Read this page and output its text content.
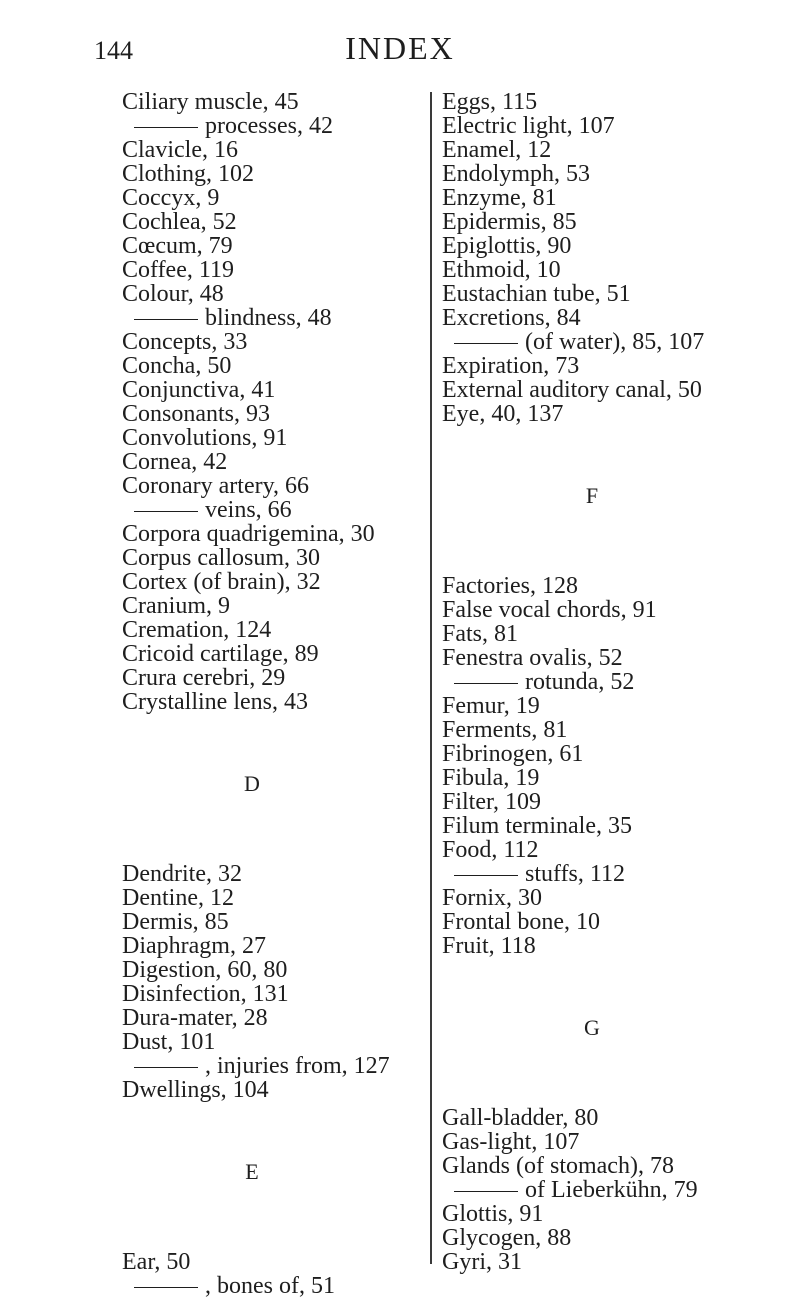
144	INDEX
Ciliary muscle, 45
processes, 42
Clavicle, 16
Clothing, 102
Coccyx, 9
Cochlea, 52
Cœcum, 79
Coffee, 119
Colour, 48
blindness, 48
Concepts, 33
Concha, 50
Conjunctiva, 41
Consonants, 93
Convolutions, 91
Cornea, 42
Coronary artery, 66
veins, 66
Corpora quadrigemina, 30
Corpus callosum, 30
Cortex (of brain), 32
Cranium, 9
Cremation, 124
Cricoid cartilage, 89
Crura cerebri, 29
Crystalline lens, 43
D
Dendrite, 32
Dentine, 12
Dermis, 85
Diaphragm, 27
Digestion, 60, 80
Disinfection, 131
Dura-mater, 28
Dust, 101
, injuries from, 127
Dwellings, 104
E
Ear, 50
, bones of, 51
Eggs, 115
Electric light, 107
Enamel, 12
Endolymph, 53
Enzyme, 81
Epidermis, 85
Epiglottis, 90
Ethmoid, 10
Eustachian tube, 51
Excretions, 84
(of water), 85, 107
Expiration, 73
External auditory canal, 50
Eye, 40, 137
F
Factories, 128
False vocal chords, 91
Fats, 81
Fenestra ovalis, 52
rotunda, 52
Femur, 19
Ferments, 81
Fibrinogen, 61
Fibula, 19
Filter, 109
Filum terminale, 35
Food, 112
stuffs, 112
Fornix, 30
Frontal bone, 10
Fruit, 118
G
Gall-bladder, 80
Gas-light, 107
Glands (of stomach), 78
of Lieberkühn, 79
Glottis, 91
Glycogen, 88
Gyri, 31
